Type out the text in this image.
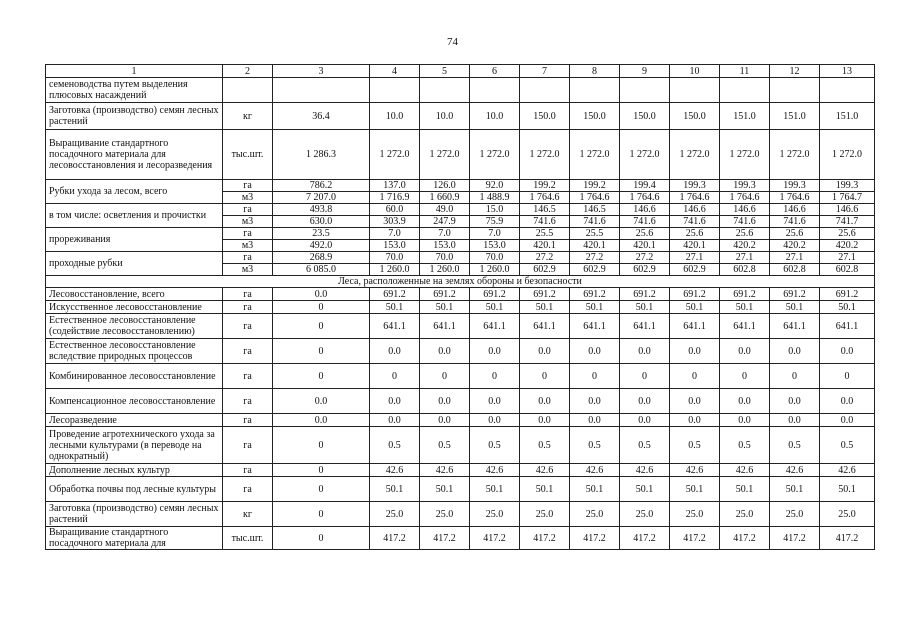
74
1	2	3	4	5	6	7	8	9	10	11	12	13
семеноводства путем выделения плюсовых насаждений												
Заготовка (производство) семян лесных растений	кг	36.4	10.0	10.0	10.0	150.0	150.0	150.0	150.0	151.0	151.0	151.0
Выращивание стандартного посадочного материала для лесовосстановления и лесоразведения	тыс.шт.	1 286.3	1 272.0	1 272.0	1 272.0	1 272.0	1 272.0	1 272.0	1 272.0	1 272.0	1 272.0	1 272.0
Рубки ухода за лесом, всего	га	786.2	137.0	126.0	92.0	199.2	199.2	199.4	199.3	199.3	199.3	199.3
	м3	7 207.0	1 716.9	1 660.9	1 488.9	1 764.6	1 764.6	1 764.6	1 764.6	1 764.6	1 764.6	1 764.7
в том числе: осветления и прочистки	га	493.8	60.0	49.0	15.0	146.5	146.5	146.6	146.6	146.6	146.6	146.6
	м3	630.0	303.9	247.9	75.9	741.6	741.6	741.6	741.6	741.6	741.6	741.7
прореживания	га	23.5	7.0	7.0	7.0	25.5	25.5	25.6	25.6	25.6	25.6	25.6
	м3	492.0	153.0	153.0	153.0	420.1	420.1	420.1	420.1	420.2	420.2	420.2
проходные рубки	га	268.9	70.0	70.0	70.0	27.2	27.2	27.2	27.1	27.1	27.1	27.1
	м3	6 085.0	1 260.0	1 260.0	1 260.0	602.9	602.9	602.9	602.9	602.8	602.8	602.8
Леса, расположенные на землях обороны и безопасности												
Лесовосстановление, всего	га	0.0	691.2	691.2	691.2	691.2	691.2	691.2	691.2	691.2	691.2	691.2
Искусственное лесовосстановление	га	0	50.1	50.1	50.1	50.1	50.1	50.1	50.1	50.1	50.1	50.1
Естественное лесовосстановление (содействие лесовосстановлению)	га	0	641.1	641.1	641.1	641.1	641.1	641.1	641.1	641.1	641.1	641.1
Естественное лесовосстановление вследствие природных процессов	га	0	0.0	0.0	0.0	0.0	0.0	0.0	0.0	0.0	0.0	0.0
Комбинированное лесовосстановление	га	0	0	0	0	0	0	0	0	0	0	0
Компенсационное лесовосстановление	га	0.0	0.0	0.0	0.0	0.0	0.0	0.0	0.0	0.0	0.0	0.0
Лесоразведение	га	0.0	0.0	0.0	0.0	0.0	0.0	0.0	0.0	0.0	0.0	0.0
Проведение агротехнического ухода за лесными культурами (в переводе на однократный)	га	0	0.5	0.5	0.5	0.5	0.5	0.5	0.5	0.5	0.5	0.5
Дополнение лесных культур	га	0	42.6	42.6	42.6	42.6	42.6	42.6	42.6	42.6	42.6	42.6
Обработка почвы под лесные культуры	га	0	50.1	50.1	50.1	50.1	50.1	50.1	50.1	50.1	50.1	50.1
Заготовка (производство) семян лесных растений	кг	0	25.0	25.0	25.0	25.0	25.0	25.0	25.0	25.0	25.0	25.0
Выращивание стандартного посадочного материала для	тыс.шт.	0	417.2	417.2	417.2	417.2	417.2	417.2	417.2	417.2	417.2	417.2
